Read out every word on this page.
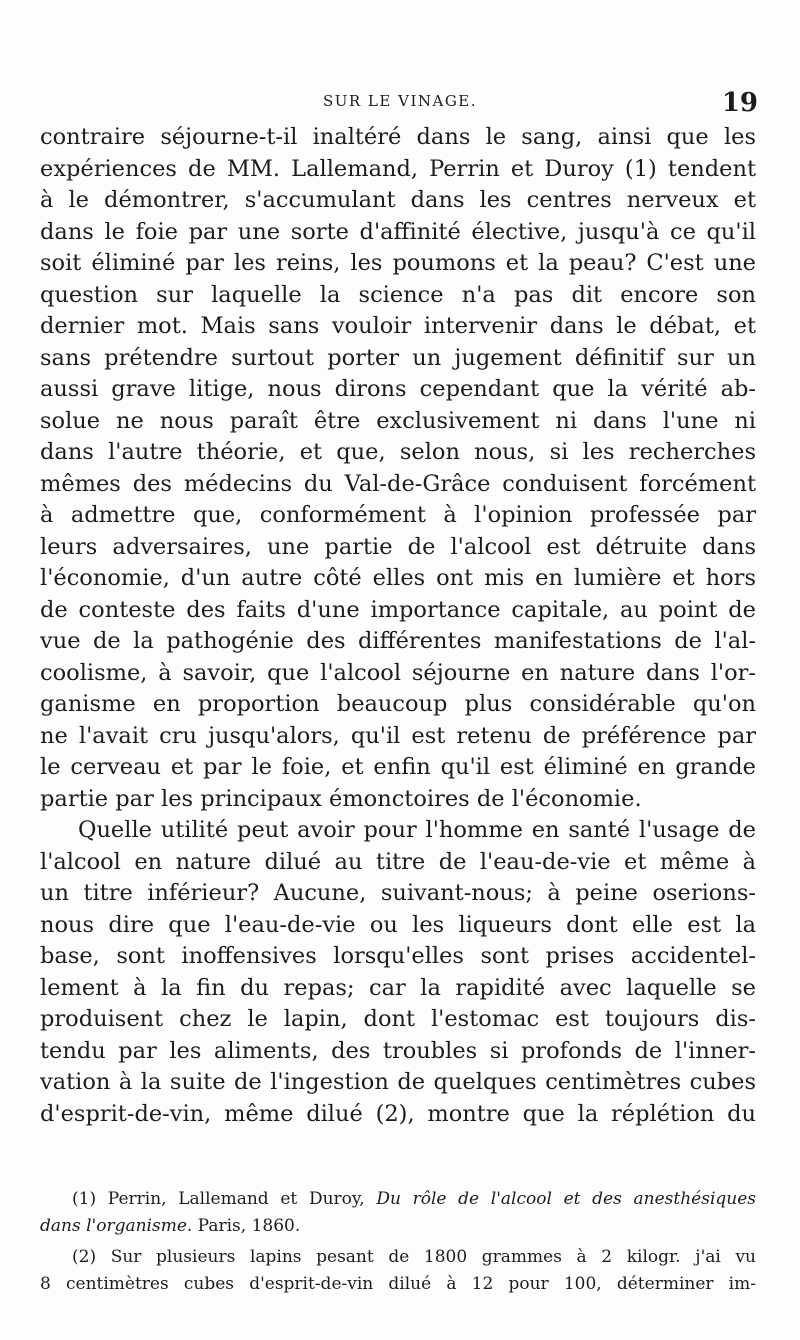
SUR LE VINAGE.	19
contraire séjourne-t-il inaltéré dans le sang, ainsi que les
expériences de MM. Lallemand, Perrin et Duroy (1) tendent
à le démontrer, s'accumulant dans les centres nerveux et
dans le foie par une sorte d'affinité élective, jusqu'à ce qu'il
soit éliminé par les reins, les poumons et la peau? C'est une
question sur laquelle la science n'a pas dit encore son
dernier mot. Mais sans vouloir intervenir dans le débat, et
sans prétendre surtout porter un jugement définitif sur un
aussi grave litige, nous dirons cependant que la vérité ab-
solue ne nous paraît être exclusivement ni dans l'une ni
dans l'autre théorie, et que, selon nous, si les recherches
mêmes des médecins du Val-de-Grâce conduisent forcément
à admettre que, conformément à l'opinion professée par
leurs adversaires, une partie de l'alcool est détruite dans
l'économie, d'un autre côté elles ont mis en lumière et hors
de conteste des faits d'une importance capitale, au point de
vue de la pathogénie des différentes manifestations de l'al-
coolisme, à savoir, que l'alcool séjourne en nature dans l'or-
ganisme en proportion beaucoup plus considérable qu'on
ne l'avait cru jusqu'alors, qu'il est retenu de préférence par
le cerveau et par le foie, et enfin qu'il est éliminé en grande
partie par les principaux émonctoires de l'économie.
Quelle utilité peut avoir pour l'homme en santé l'usage de
l'alcool en nature dilué au titre de l'eau-de-vie et même à
un titre inférieur? Aucune, suivant-nous; à peine oserions-
nous dire que l'eau-de-vie ou les liqueurs dont elle est la
base, sont inoffensives lorsqu'elles sont prises accidentel-
lement à la fin du repas; car la rapidité avec laquelle se
produisent chez le lapin, dont l'estomac est toujours dis-
tendu par les aliments, des troubles si profonds de l'inner-
vation à la suite de l'ingestion de quelques centimètres cubes
d'esprit-de-vin, même dilué (2), montre que la réplétion du
(1) Perrin, Lallemand et Duroy, Du rôle de l'alcool et des anesthésiques
dans l'organisme. Paris, 1860.
(2) Sur plusieurs lapins pesant de 1800 grammes à 2 kilogr. j'ai vu
8 centimètres cubes d'esprit-de-vin dilué à 12 pour 100, déterminer im-
